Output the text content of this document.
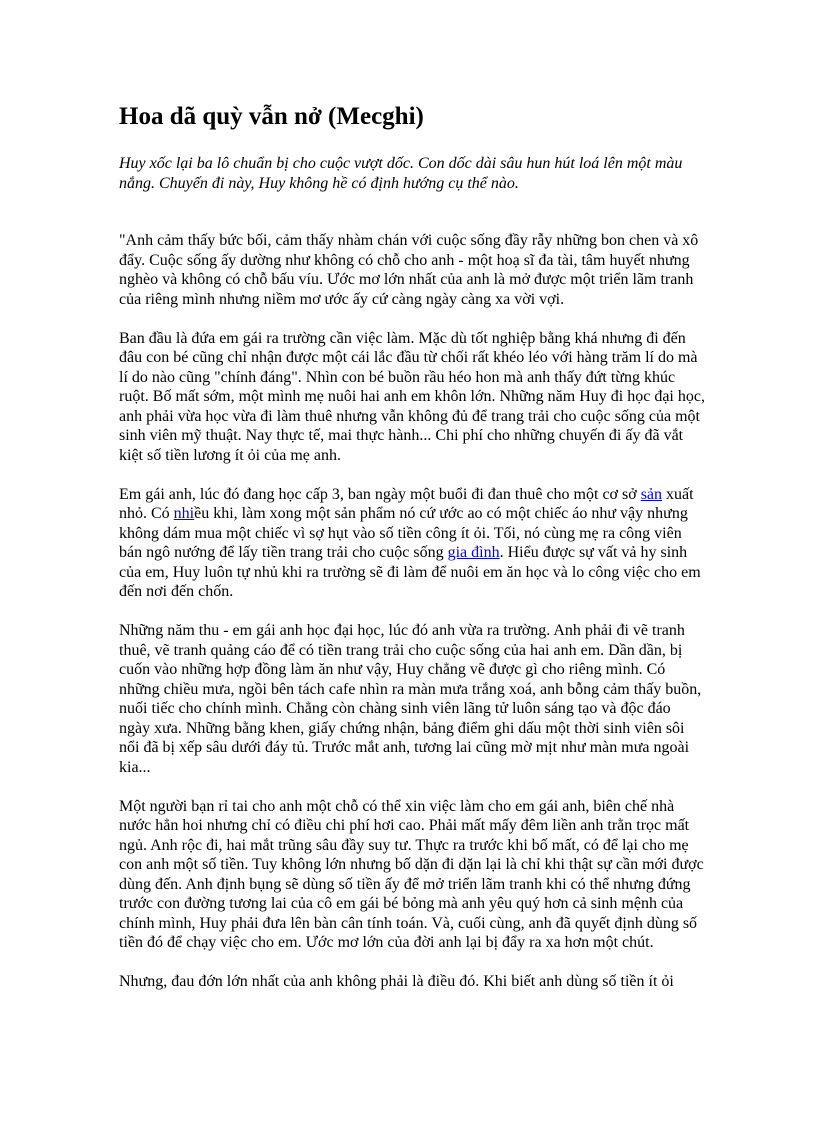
Hoa dã quỳ vẫn nở (Mecghi)

Huy xốc lại ba lô chuẩn bị cho cuộc vượt dốc. Con dốc dài sâu hun hút loá lên một màu nắng. Chuyến đi này, Huy không hề có định hướng cụ thể nào.

"Anh cảm thấy bức bối, cảm thấy nhàm chán với cuộc sống đầy rẫy những bon chen và xô đẩy. Cuộc sống ấy dường như không có chỗ cho anh - một hoạ sĩ đa tài, tâm huyết nhưng nghèo và không có chỗ bấu víu. Ước mơ lớn nhất của anh là mở được một triển lãm tranh của riêng mình nhưng niềm mơ ước ấy cứ càng ngày càng xa vời vợi.

Ban đầu là đứa em gái ra trường cần việc làm. Mặc dù tốt nghiệp bằng khá nhưng đi đến đâu con bé cũng chỉ nhận được một cái lắc đầu từ chối rất khéo léo với hàng trăm lí do mà lí do nào cũng "chính đáng". Nhìn con bé buồn rầu héo hon mà anh thấy đứt từng khúc ruột. Bố mất sớm, một mình mẹ nuôi hai anh em khôn lớn. Những năm Huy đi học đại học, anh phải vừa học vừa đi làm thuê nhưng vẫn không đủ để trang trải cho cuộc sống của một sinh viên mỹ thuật. Nay thực tế, mai thực hành... Chi phí cho những chuyến đi ấy đã vắt kiệt số tiền lương ít ỏi của mẹ anh.

Em gái anh, lúc đó đang học cấp 3, ban ngày một buổi đi đan thuê cho một cơ sở sản xuất nhỏ. Có nhiều khi, làm xong một sản phẩm nó cứ ước ao có một chiếc áo như vậy nhưng không dám mua một chiếc vì sợ hụt vào số tiền công ít ỏi. Tối, nó cùng mẹ ra công viên bán ngô nướng để lấy tiền trang trải cho cuộc sống gia đình. Hiểu được sự vất vả hy sinh của em, Huy luôn tự nhủ khi ra trường sẽ đi làm để nuôi em ăn học và lo công việc cho em đến nơi đến chốn.

Những năm thu - em gái anh học đại học, lúc đó anh vừa ra trường. Anh phải đi vẽ tranh thuê, vẽ tranh quảng cáo để có tiền trang trải cho cuộc sống của hai anh em. Dần dần, bị cuốn vào những hợp đồng làm ăn như vậy, Huy chẳng vẽ được gì cho riêng mình. Có những chiều mưa, ngồi bên tách cafe nhìn ra màn mưa trắng xoá, anh bỗng cảm thấy buồn, nuối tiếc cho chính mình. Chẳng còn chàng sinh viên lãng tử luôn sáng tạo và độc đáo ngày xưa. Những bằng khen, giấy chứng nhận, bảng điểm ghi dấu một thời sinh viên sôi nổi đã bị xếp sâu dưới đáy tủ. Trước mắt anh, tương lai cũng mờ mịt như màn mưa ngoài kia...

Một người bạn rỉ tai cho anh một chỗ có thể xin việc làm cho em gái anh, biên chế nhà nước hẳn hoi nhưng chỉ có điều chi phí hơi cao. Phải mất mấy đêm liền anh trằn trọc mất ngủ. Anh rộc đi, hai mắt trũng sâu đầy suy tư. Thực ra trước khi bố mất, có để lại cho mẹ con anh một số tiền. Tuy không lớn nhưng bố dặn đi dặn lại là chỉ khi thật sự cần mới được dùng đến. Anh định bụng sẽ dùng số tiền ấy để mở triển lãm tranh khi có thể nhưng đứng trước con đường tương lai của cô em gái bé bỏng mà anh yêu quý hơn cả sinh mệnh của chính mình, Huy phải đưa lên bàn cân tính toán. Và, cuối cùng, anh đã quyết định dùng số tiền đó để chạy việc cho em. Ước mơ lớn của đời anh lại bị đẩy ra xa hơn một chút.

Nhưng, đau đớn lớn nhất của anh không phải là điều đó. Khi biết anh dùng số tiền ít ỏi
